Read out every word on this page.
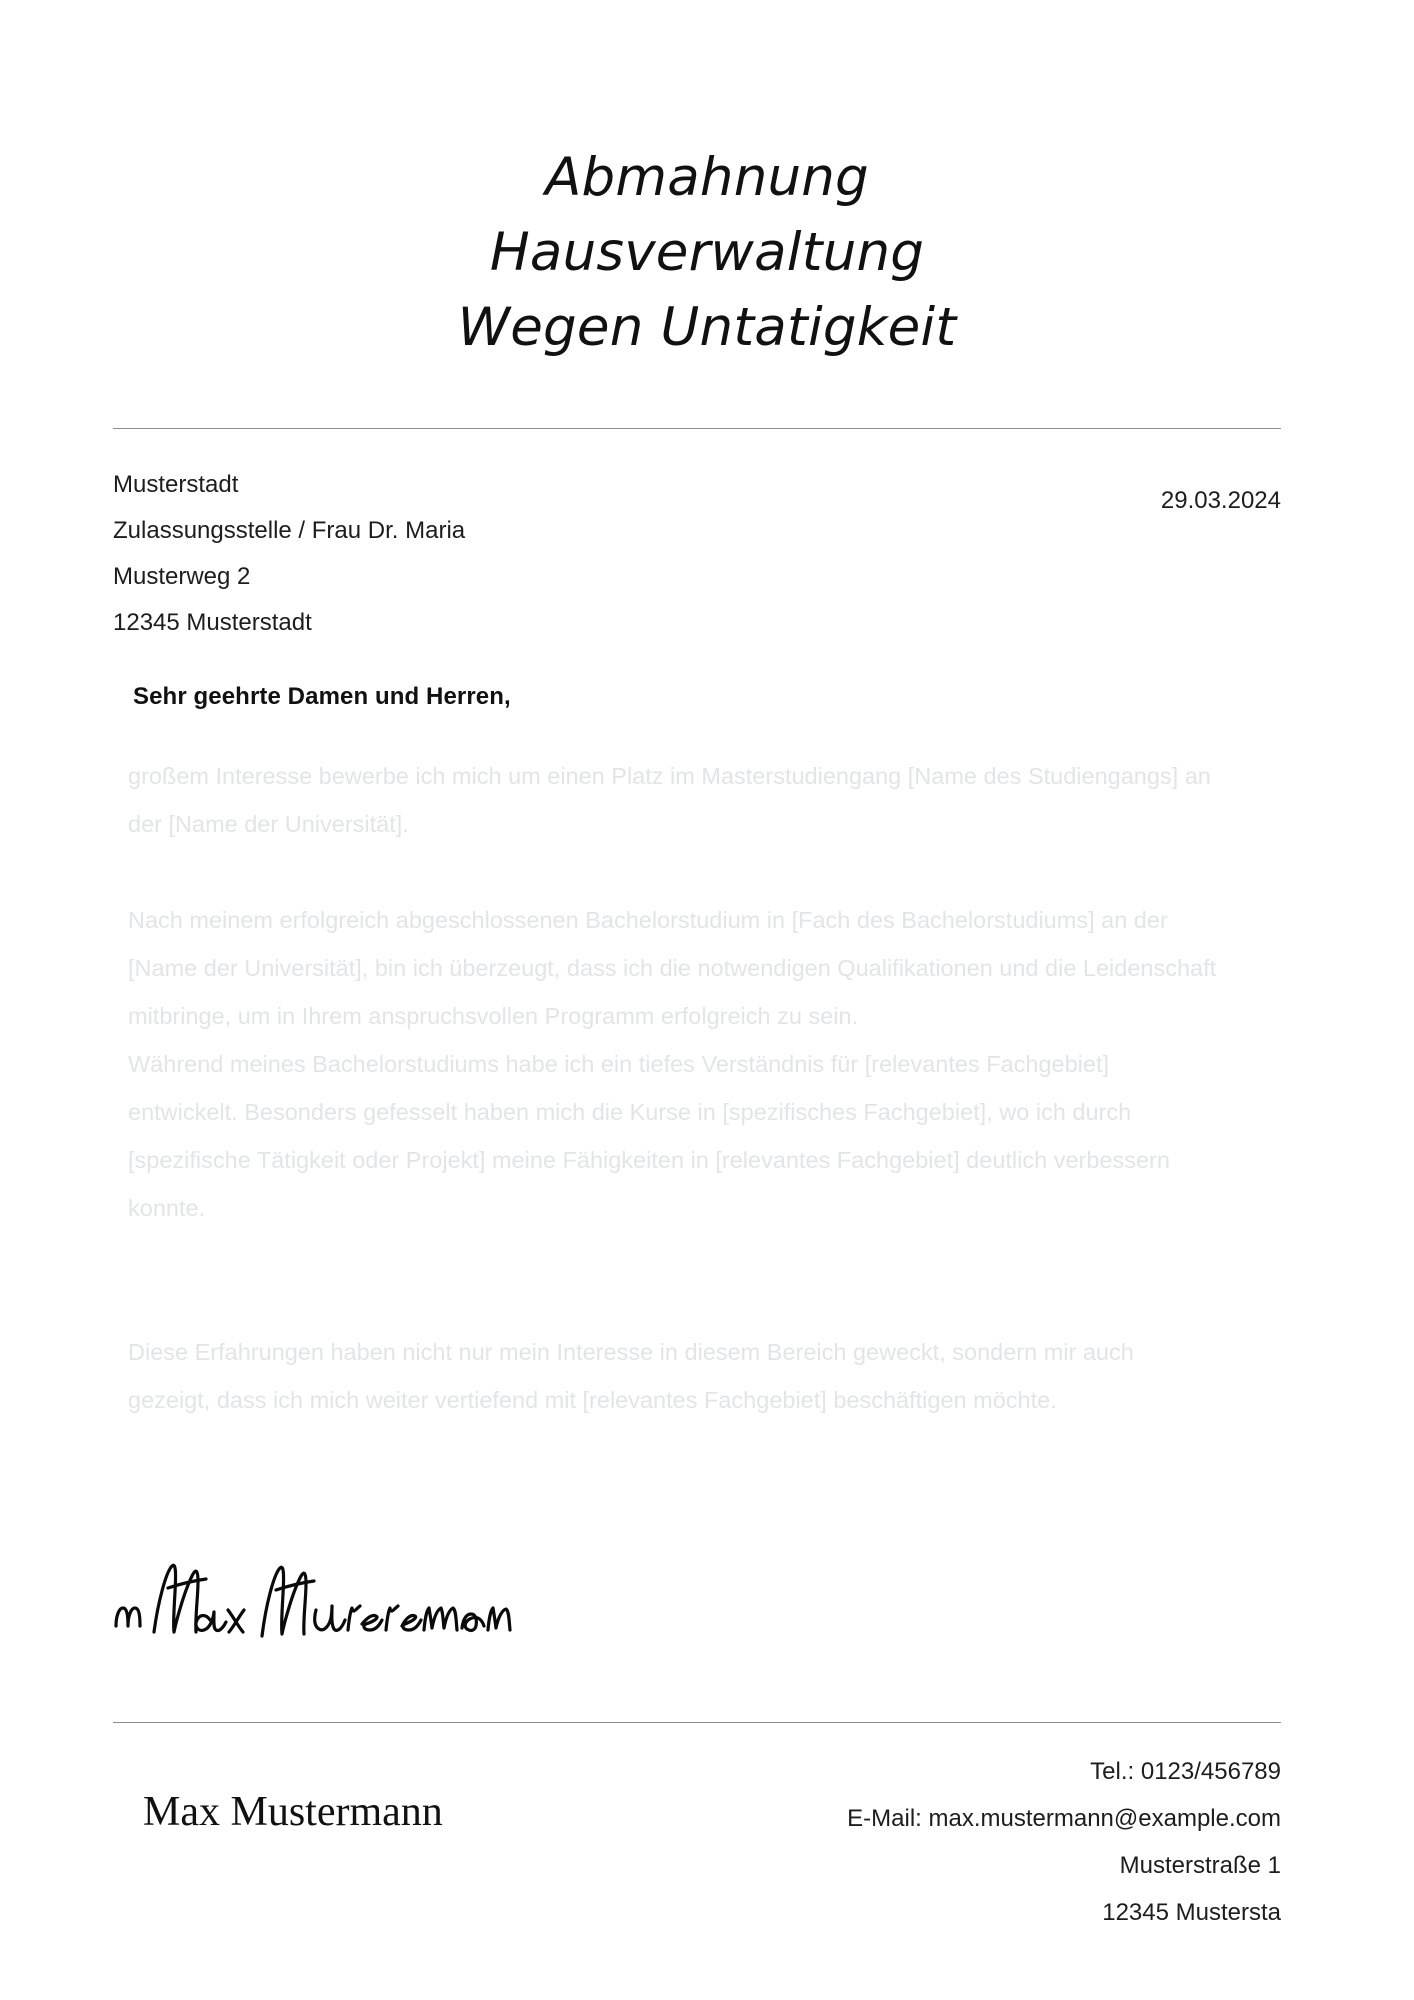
Abmahnung
Hausverwaltung
Wegen Untatigkeit
Musterstadt
Zulassungsstelle / Frau Dr. Maria
Musterweg 2
12345 Musterstadt
29.03.2024
Sehr geehrte Damen und Herren,

großem Interesse bewerbe ich mich um einen Platz im Masterstudiengang [Name des Studiengangs] an der [Name der Universität].

Nach meinem erfolgreich abgeschlossenen Bachelorstudium in [Fach des Bachelorstudiums] an der [Name der Universität], bin ich überzeugt, dass ich die notwendigen Qualifikationen und die Leidenschaft mitbringe, um in Ihrem anspruchsvollen Programm erfolgreich zu sein.

Während meines Bachelorstudiums habe ich ein tiefes Verständnis für [relevantes Fachgebiet] entwickelt. Besonders gefesselt haben mich die Kurse in [spezifisches Fachgebiet], wo ich durch [spezifische Tätigkeit oder Projekt] meine Fähigkeiten in [relevantes Fachgebiet] deutlich verbessern konnte.

Diese Erfahrungen haben nicht nur mein Interesse in diesem Bereich geweckt, sondern mir auch gezeigt, dass ich mich weiter vertiefend mit [relevantes Fachgebiet] beschäftigen möchte.

Max Mustermann
Tel.: 0123/456789
E-Mail: max.mustermann@example.com
Musterstraße 1
12345 Mustersta
